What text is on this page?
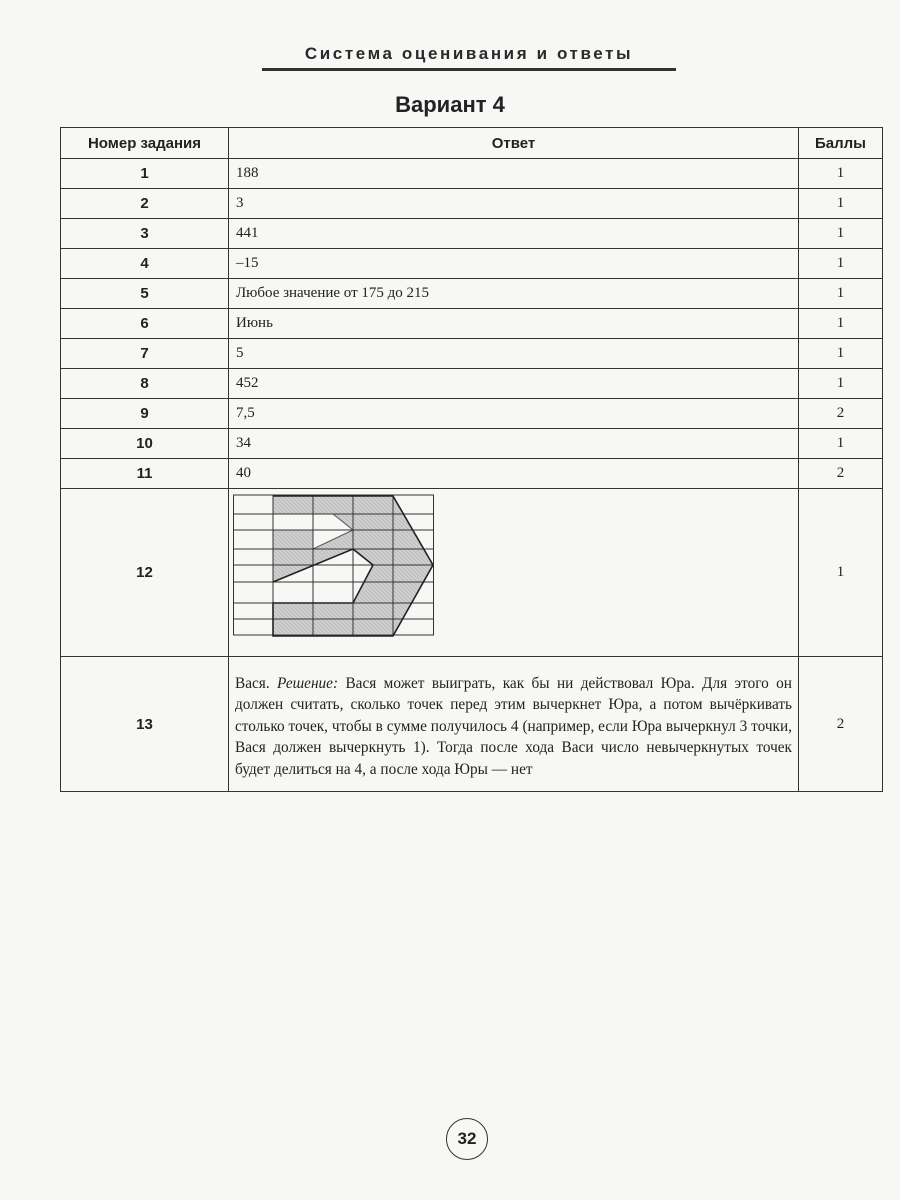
Система оценивания и ответы
Вариант 4
Номер задания	Ответ	Баллы
1	188	1
2	3	1
3	441	1
4	–15	1
5	Любое значение от 175 до 215	1
6	Июнь	1
7	5	1
8	452	1
9	7,5	2
10	34	1
11	40	2
12		1
13	Вася. Решение: Вася может выиграть, как бы ни действовал Юра. Для этого он должен считать, сколько точек перед этим вычеркнет Юра, а потом вычёркивать столько точек, чтобы в сумме получилось 4 (например, если Юра вычеркнул 3 точки, Вася должен вычеркнуть 1). Тогда после хода Васи число невычеркнутых точек будет делиться на 4, а после хода Юры — нет	2
32
